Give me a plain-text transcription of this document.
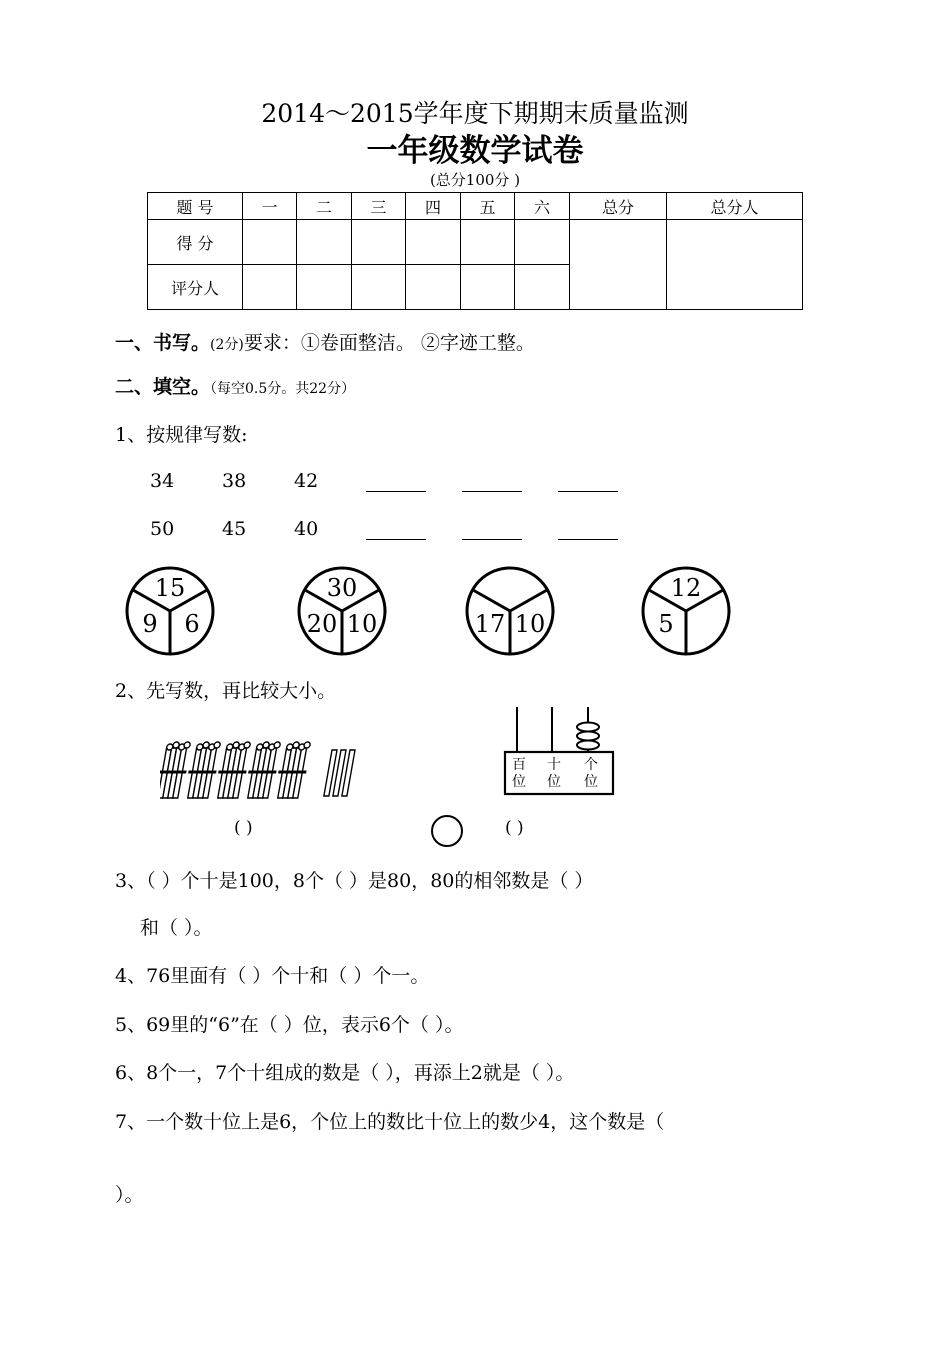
2014～2015学年度下期期末质量监测
一年级数学试卷
(总分100分 )
题 号	一	二	三	四	五	六	总分	总分人
得 分								
评分人								
一、书写。(2分)要求：①卷面整洁。 ②字迹工整。
二、填空。（每空0.5分。共22分）
1、按规律写数:
34	38	42
50	45	40
15
9 6
30
20 10	17 10
12
5
2、先写数，再比较大小。
百位
十位
个位
( )	( )
3、（ ）个十是100，8个（ ）是80，80的相邻数是（ ）
和（ ）。
4、76里面有（ ）个十和（ ）个一。
5、69里的“6”在（ ）位，表示6个（ ）。
6、8个一，7个十组成的数是（ ），再添上2就是（ ）。
7、一个数十位上是6，个位上的数比十位上的数少4，这个数是（
）。
